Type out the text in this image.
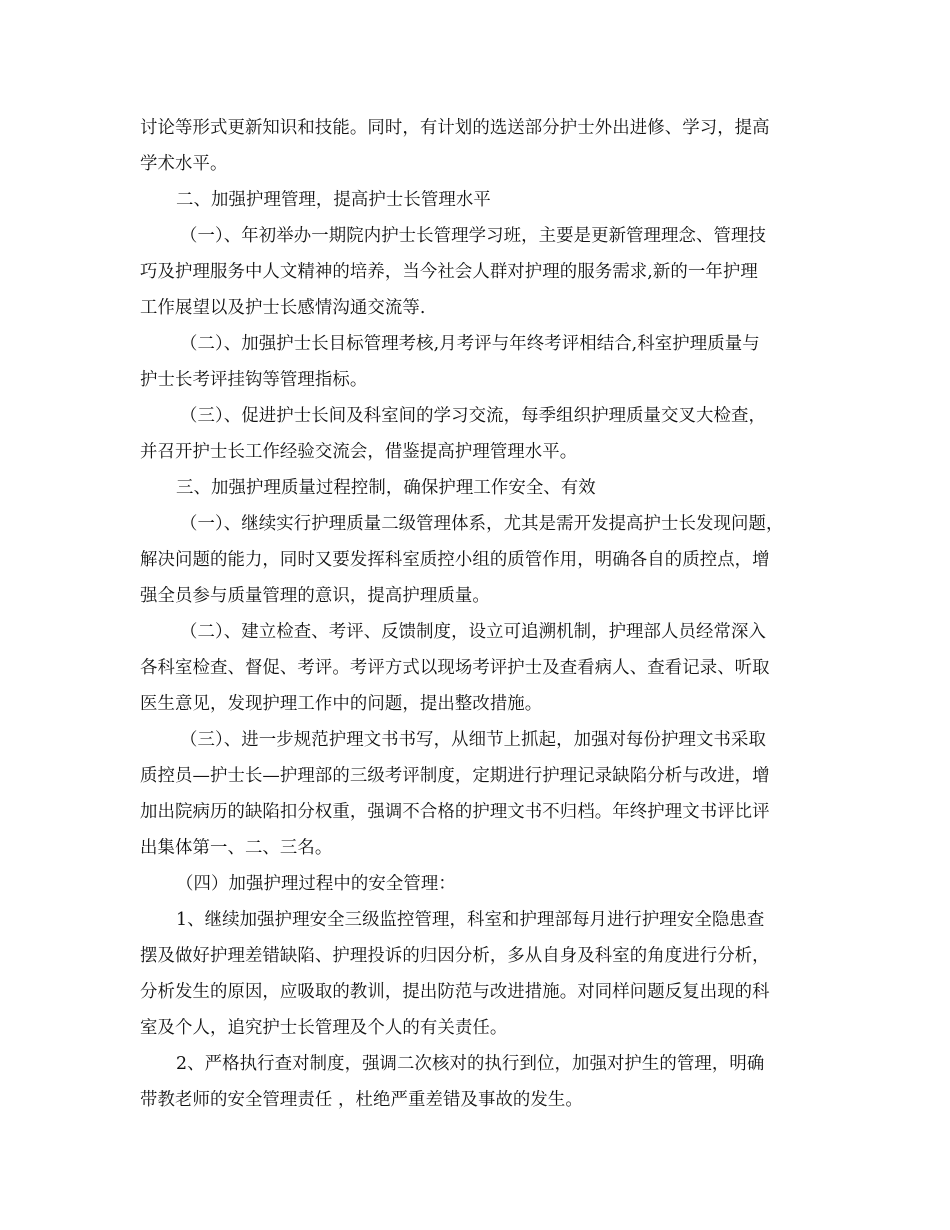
讨论等形式更新知识和技能。同时，有计划的选送部分护士外出进修、学习，提高
学术水平。
二、加强护理管理，提高护士长管理水平
（一）、年初举办一期院内护士长管理学习班，主要是更新管理理念、管理技
巧及护理服务中人文精神的培养，当今社会人群对护理的服务需求,新的一年护理
工作展望以及护士长感情沟通交流等.
（二）、加强护士长目标管理考核,月考评与年终考评相结合,科室护理质量与
护士长考评挂钩等管理指标。
（三）、促进护士长间及科室间的学习交流，每季组织护理质量交叉大检查，
并召开护士长工作经验交流会，借鉴提高护理管理水平。
三、加强护理质量过程控制，确保护理工作安全、有效
（一）、继续实行护理质量二级管理体系，尤其是需开发提高护士长发现问题，
解决问题的能力，同时又要发挥科室质控小组的质管作用，明确各自的质控点，增
强全员参与质量管理的意识，提高护理质量。
（二）、建立检查、考评、反馈制度，设立可追溯机制，护理部人员经常深入
各科室检查、督促、考评。考评方式以现场考评护士及查看病人、查看记录、听取
医生意见，发现护理工作中的问题，提出整改措施。
（三）、进一步规范护理文书书写，从细节上抓起，加强对每份护理文书采取
质控员—护士长—护理部的三级考评制度，定期进行护理记录缺陷分析与改进，增
加出院病历的缺陷扣分权重，强调不合格的护理文书不归档。年终护理文书评比评
出集体第一、二、三名。
（四）加强护理过程中的安全管理：
1、继续加强护理安全三级监控管理，科室和护理部每月进行护理安全隐患查
摆及做好护理差错缺陷、护理投诉的归因分析，多从自身及科室的角度进行分析，
分析发生的原因，应吸取的教训，提出防范与改进措施。对同样问题反复出现的科
室及个人，追究护士长管理及个人的有关责任。
2、严格执行查对制度，强调二次核对的执行到位，加强对护生的管理，明确
带教老师的安全管理责任 ，杜绝严重差错及事故的发生。
